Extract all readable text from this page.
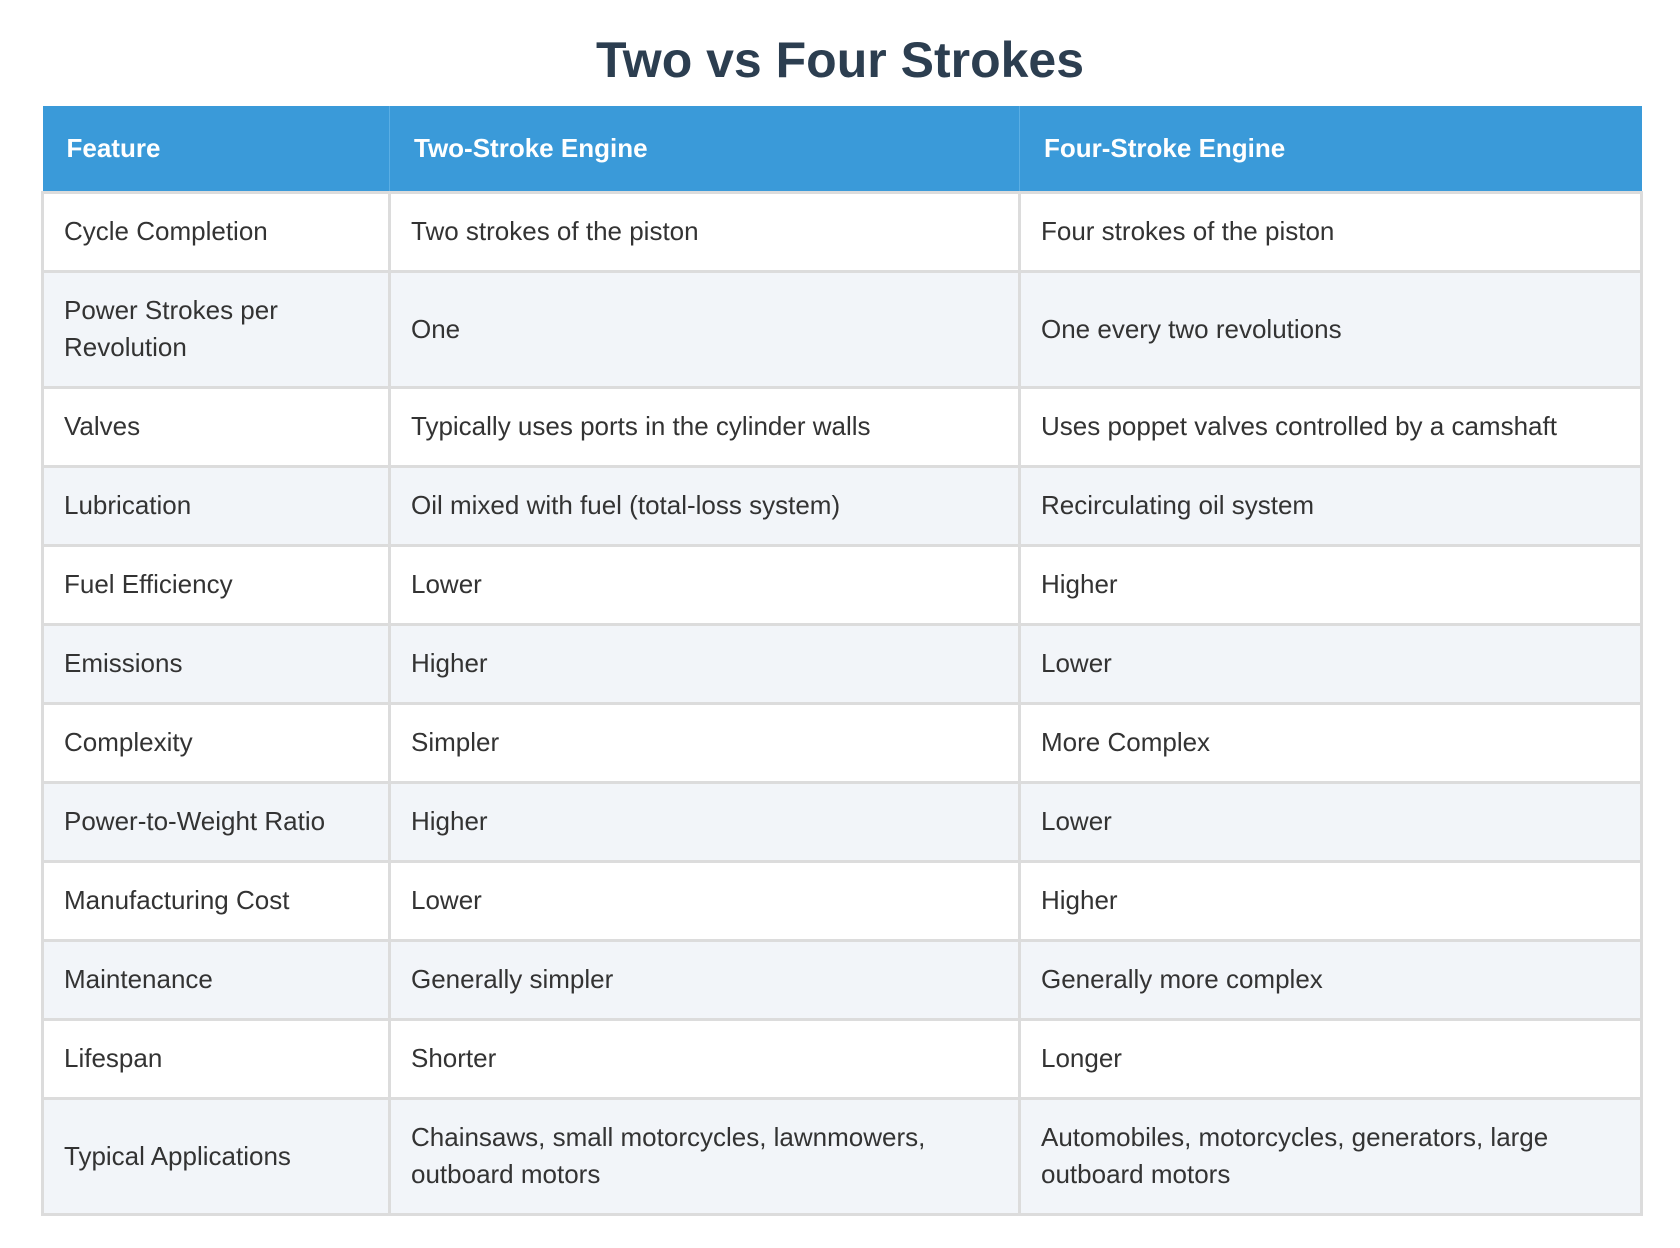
Two vs Four Strokes
Feature	Two-Stroke Engine	Four-Stroke Engine
Cycle Completion	Two strokes of the piston	Four strokes of the piston
Power Strokes per Revolution	One	One every two revolutions
Valves	Typically uses ports in the cylinder walls	Uses poppet valves controlled by a camshaft
Lubrication	Oil mixed with fuel (total-loss system)	Recirculating oil system
Fuel Efficiency	Lower	Higher
Emissions	Higher	Lower
Complexity	Simpler	More Complex
Power-to-Weight Ratio	Higher	Lower
Manufacturing Cost	Lower	Higher
Maintenance	Generally simpler	Generally more complex
Lifespan	Shorter	Longer
Typical Applications	Chainsaws, small motorcycles, lawnmowers, outboard motors	Automobiles, motorcycles, generators, large outboard motors
